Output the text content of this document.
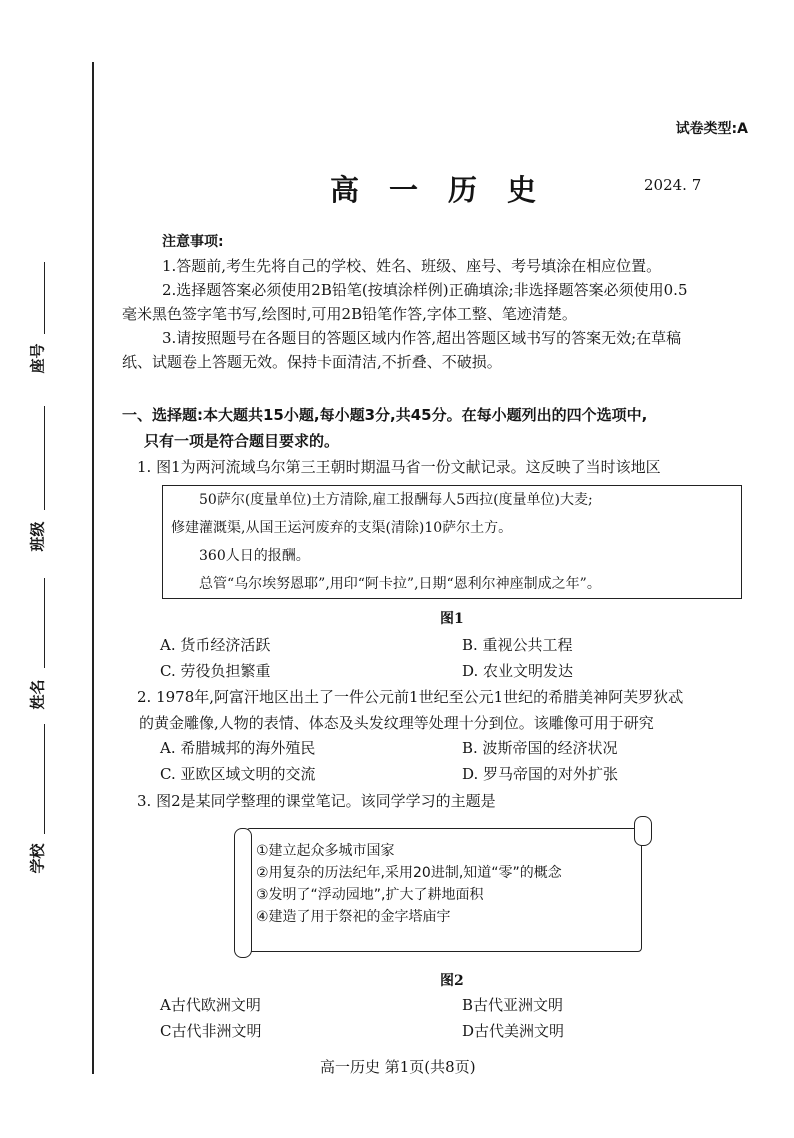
座号
班级
姓名
学校
试卷类型:A
高一历史	2024. 7

注意事项:

1.答题前,考生先将自己的学校、姓名、班级、座号、考号填涂在相应位置。

2.选择题答案必须使用2B铅笔(按填涂样例)正确填涂;非选择题答案必须使用0.5

毫米黑色签字笔书写,绘图时,可用2B铅笔作答,字体工整、笔迹清楚。

3.请按照题号在各题目的答题区域内作答,超出答题区域书写的答案无效;在草稿

纸、试题卷上答题无效。保持卡面清洁,不折叠、不破损。

一、选择题:本大题共15小题,每小题3分,共45分。在每小题列出的四个选项中,
只有一项是符合题目要求的。
1. 图1为两河流域乌尔第三王朝时期温马省一份文献记录。这反映了当时该地区

50萨尔(度量单位)土方清除,雇工报酬每人5西拉(度量单位)大麦;

修建灌溉渠,从国王运河废弃的支渠(清除)10萨尔土方。

360人日的报酬。

总管“乌尔埃努恩耶”,用印“阿卡拉”,日期“恩利尔神座制成之年”。

图1
A. 货币经济活跃	B. 重视公共工程
C. 劳役负担繁重	D. 农业文明发达

2. 1978年,阿富汗地区出土了一件公元前1世纪至公元1世纪的希腊美神阿芙罗狄忒

的黄金雕像,人物的表情、体态及头发纹理等处理十分到位。该雕像可用于研究

A. 希腊城邦的海外殖民	B. 波斯帝国的经济状况
C. 亚欧区域文明的交流	D. 罗马帝国的对外扩张
3. 图2是某同学整理的课堂笔记。该同学学习的主题是

①建立起众多城市国家

②用复杂的历法纪年,采用20进制,知道“零”的概念

③发明了“浮动园地”,扩大了耕地面积

④建造了用于祭祀的金字塔庙宇

图2
A古代欧洲文明	B古代亚洲文明
C古代非洲文明	D古代美洲文明
高一历史 第1页(共8页)
